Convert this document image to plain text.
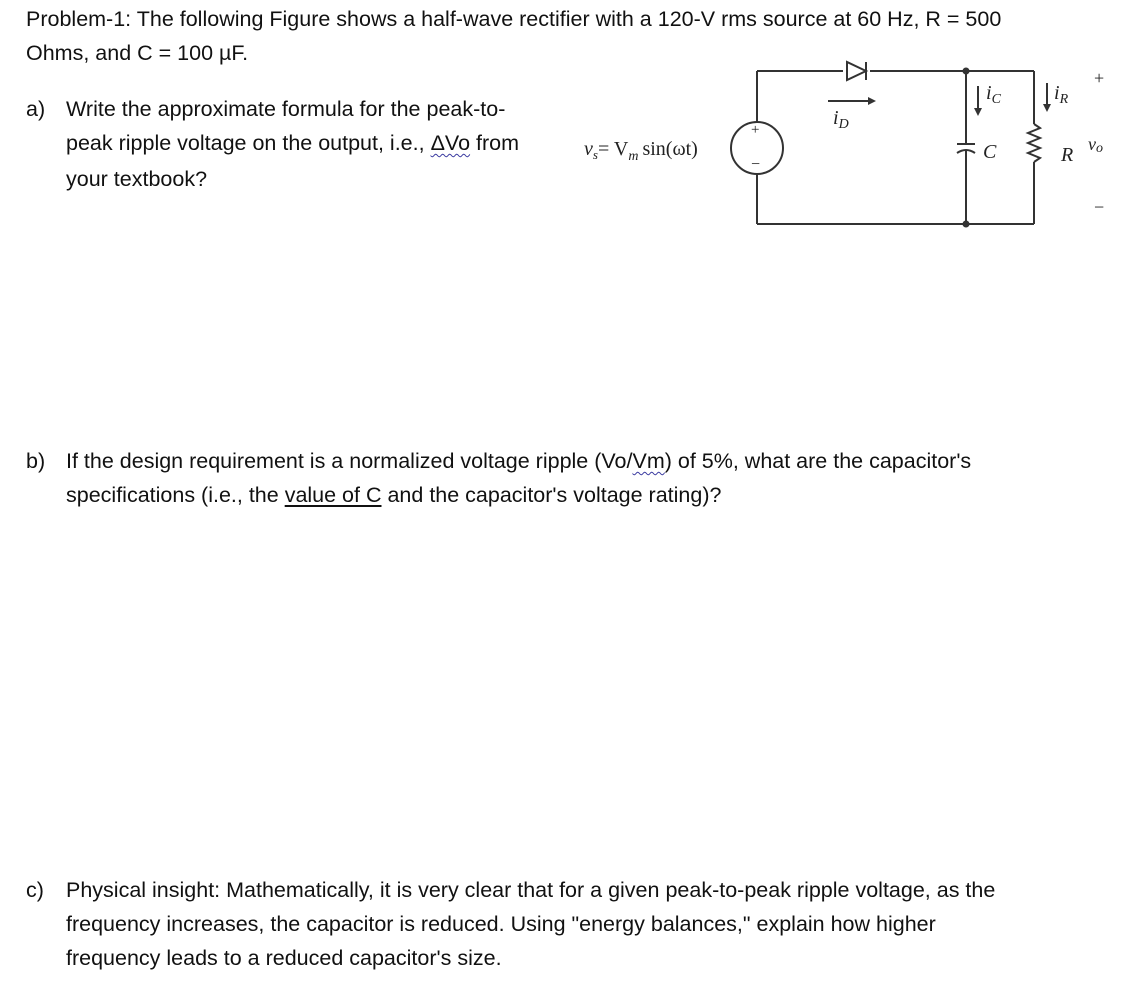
Problem-1: The following Figure shows a half-wave rectifier with a 120-V rms source at 60 Hz, R = 500
Ohms, and C = 100 µF.
a) Write the approximate formula for the peak-to-
peak ripple voltage on the output, i.e., ΔVo from
your textbook?
+
−
$v_s= V_m$ sin(ωt)
$i_D$
$i_C$
C
$i_R$
R vo
+
−
b) If the design requirement is a normalized voltage ripple (Vo/Vm) of 5%, what are the capacitor's
specifications (i.e., the value of C and the capacitor's voltage rating)?
c) Physical insight: Mathematically, it is very clear that for a given peak-to-peak ripple voltage, as the
frequency increases, the capacitor is reduced. Using "energy balances," explain how higher
frequency leads to a reduced capacitor's size.
